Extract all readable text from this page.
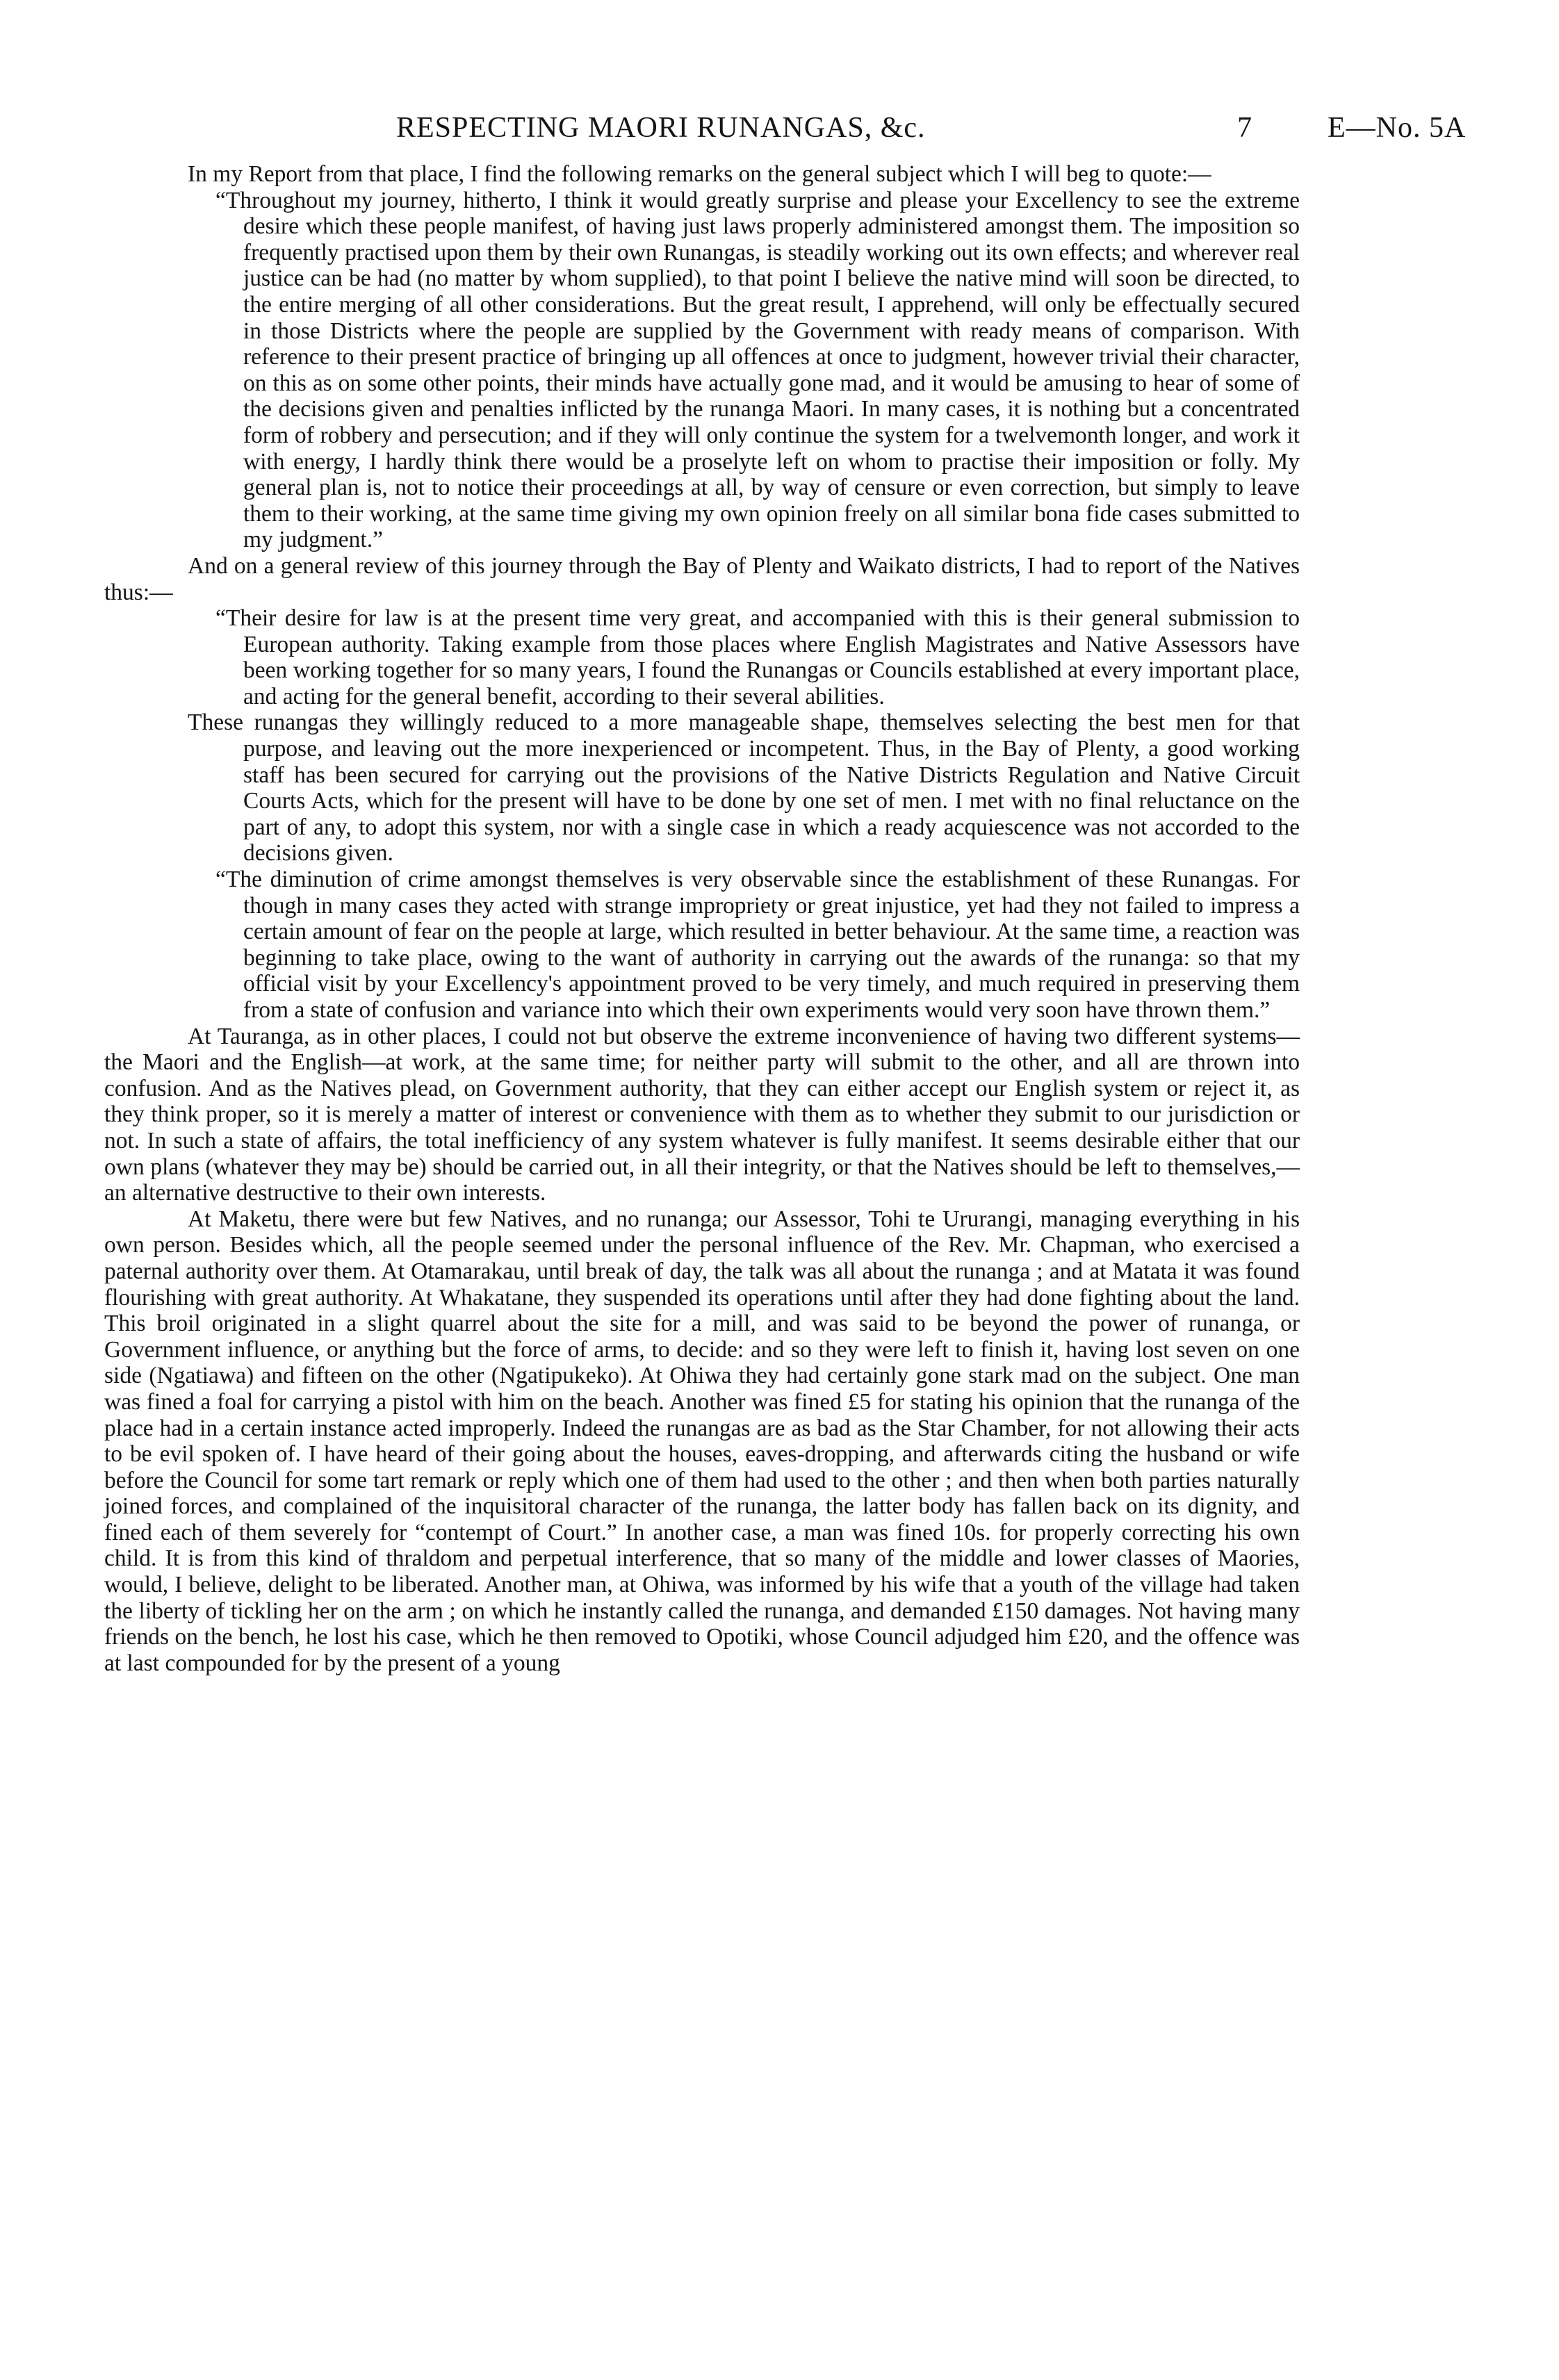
RESPECTING MAORI RUNANGAS, &c.	7	E—No. 5A

In my Report from that place, I find the following remarks on the general subject which I will beg to quote:—

“Throughout my journey, hitherto, I think it would greatly surprise and please your Excellency to see the extreme desire which these people manifest, of having just laws properly administered amongst them. The imposition so frequently practised upon them by their own Runangas, is steadily working out its own effects; and wherever real justice can be had (no matter by whom supplied), to that point I believe the native mind will soon be directed, to the entire merging of all other considerations. But the great result, I apprehend, will only be effectually secured in those Districts where the people are supplied by the Government with ready means of comparison. With reference to their present practice of bringing up all offences at once to judgment, however trivial their character, on this as on some other points, their minds have actually gone mad, and it would be amusing to hear of some of the decisions given and penalties inflicted by the runanga Maori. In many cases, it is nothing but a concentrated form of robbery and persecution; and if they will only continue the system for a twelvemonth longer, and work it with energy, I hardly think there would be a proselyte left on whom to practise their imposition or folly. My general plan is, not to notice their proceedings at all, by way of censure or even correction, but simply to leave them to their working, at the same time giving my own opinion freely on all similar bona fide cases submitted to my judgment.”

And on a general review of this journey through the Bay of Plenty and Waikato districts, I had to report of the Natives thus:—

“Their desire for law is at the present time very great, and accompanied with this is their general submission to European authority. Taking example from those places where English Magistrates and Native Assessors have been working together for so many years, I found the Runangas or Councils established at every important place, and acting for the general benefit, according to their several abilities.

These runangas they willingly reduced to a more manageable shape, themselves selecting the best men for that purpose, and leaving out the more inexperienced or incompetent. Thus, in the Bay of Plenty, a good working staff has been secured for carrying out the provisions of the Native Districts Regulation and Native Circuit Courts Acts, which for the present will have to be done by one set of men. I met with no final reluctance on the part of any, to adopt this system, nor with a single case in which a ready acquiescence was not accorded to the decisions given.

“The diminution of crime amongst themselves is very observable since the establishment of these Runangas. For though in many cases they acted with strange impropriety or great injustice, yet had they not failed to impress a certain amount of fear on the people at large, which resulted in better behaviour. At the same time, a reaction was beginning to take place, owing to the want of authority in carrying out the awards of the runanga: so that my official visit by your Excellency's appointment proved to be very timely, and much required in preserving them from a state of confusion and variance into which their own experiments would very soon have thrown them.”

At Tauranga, as in other places, I could not but observe the extreme inconvenience of having two different systems—the Maori and the English—at work, at the same time; for neither party will submit to the other, and all are thrown into confusion. And as the Natives plead, on Government authority, that they can either accept our English system or reject it, as they think proper, so it is merely a matter of interest or convenience with them as to whether they submit to our jurisdiction or not. In such a state of affairs, the total inefficiency of any system whatever is fully manifest. It seems desirable either that our own plans (whatever they may be) should be carried out, in all their integrity, or that the Natives should be left to themselves,—an alternative destructive to their own interests.

At Maketu, there were but few Natives, and no runanga; our Assessor, Tohi te Ururangi, managing everything in his own person. Besides which, all the people seemed under the personal influence of the Rev. Mr. Chapman, who exercised a paternal authority over them. At Otamarakau, until break of day, the talk was all about the runanga ; and at Matata it was found flourishing with great authority. At Whakatane, they suspended its operations until after they had done fighting about the land. This broil originated in a slight quarrel about the site for a mill, and was said to be beyond the power of runanga, or Government influence, or anything but the force of arms, to decide: and so they were left to finish it, having lost seven on one side (Ngatiawa) and fifteen on the other (Ngatipukeko). At Ohiwa they had certainly gone stark mad on the subject. One man was fined a foal for carrying a pistol with him on the beach. Another was fined £5 for stating his opinion that the runanga of the place had in a certain instance acted improperly. Indeed the runangas are as bad as the Star Chamber, for not allowing their acts to be evil spoken of. I have heard of their going about the houses, eaves-dropping, and afterwards citing the husband or wife before the Council for some tart remark or reply which one of them had used to the other ; and then when both parties naturally joined forces, and complained of the inquisitoral character of the runanga, the latter body has fallen back on its dignity, and fined each of them severely for “contempt of Court.” In another case, a man was fined 10s. for properly correcting his own child. It is from this kind of thraldom and perpetual interference, that so many of the middle and lower classes of Maories, would, I believe, delight to be liberated. Another man, at Ohiwa, was informed by his wife that a youth of the village had taken the liberty of tickling her on the arm ; on which he instantly called the runanga, and demanded £150 damages. Not having many friends on the bench, he lost his case, which he then removed to Opotiki, whose Council adjudged him £20, and the offence was at last compounded for by the present of a young
